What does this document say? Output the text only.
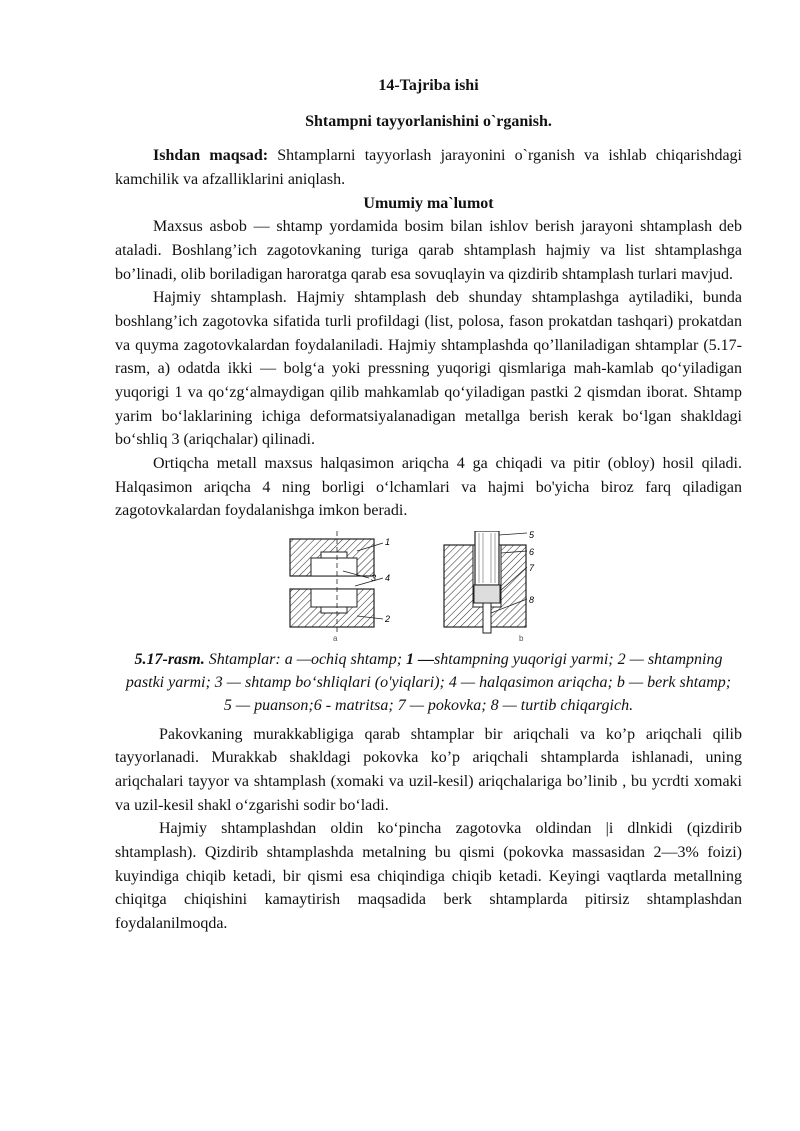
14-Tajriba ishi
Shtampni tayyorlanishini o`rganish.

Ishdan maqsad: Shtamplarni tayyorlash jarayonini o`rganish va ishlab chiqarishdagi kamchilik va afzalliklarini aniqlash.

Umumiy ma`lumot

Maxsus asbob — shtamp yordamida bosim bilan ishlov berish jarayoni shtamplash deb ataladi. Boshlang’ich zagotovkaning turiga qarab shtamplash hajmiy va list shtamplashga bo’linadi, olib boriladigan haroratga qarab esa sovuqlayin va qizdirib shtamplash turlari mavjud.

Hajmiy shtamplash. Hajmiy shtamplash deb shunday shtamplashga aytiladiki, bunda boshlang’ich zagotovka sifatida turli profildagi (list, polosa, fason prokatdan tashqari) prokatdan va quyma zagotovkalardan foydalaniladi. Hajmiy shtamplashda qo’llaniladigan shtamplar (5.17-rasm, a) odatda ikki — bolg‘a yoki pressning yuqorigi qismlariga mah-kamlab qo‘yiladigan yuqorigi 1 va qo‘zg‘almaydigan qilib mahkamlab qo‘yiladigan pastki 2 qismdan iborat. Shtamp yarim bo‘laklarining ichiga deformatsiyalanadigan metallga berish kerak bo‘lgan shakldagi bo‘shliq 3 (ariqchalar) qilinadi.

Ortiqcha metall maxsus halqasimon ariqcha 4 ga chiqadi va pitir (obloy) hosil qiladi. Halqasimon ariqcha 4 ning borligi o‘lchamlari va hajmi bo'yicha biroz farq qiladigan zagotovkalardan foydalanishga imkon beradi.

1
3 4
2
a
5
6
7
8
b
5.17-rasm. Shtamplar: a —ochiq shtamp; 1 —shtampning yuqorigi yarmi; 2 — shtampning pastki yarmi; 3 — shtamp bo‘shliqlari (o'yiqlari); 4 — halqasimon ariqcha; b — berk shtamp; 5 — puanson;6 - matritsa; 7 — pokovka; 8 — turtib chiqargich.

Pakovkaning murakkabligiga qarab shtamplar bir ariqchali va ko’p ariqchali qilib tayyorlanadi. Murakkab shakldagi pokovka ko’p ariqchali shtamplarda ishlanadi, uning ariqchalari tayyor va shtamplash (xomaki va uzil-kesil) ariqchalariga bo’linib , bu ycrdti xomaki va uzil-kesil shakl o‘zgarishi sodir bo‘ladi.

Hajmiy shtamplashdan oldin ko‘pincha zagotovka oldindan |i dlnkidi (qizdirib shtamplash). Qizdirib shtamplashda metalning bu qismi (pokovka massasidan 2—3% foizi) kuyindiga chiqib ketadi, bir qismi esa chiqindiga chiqib ketadi. Keyingi vaqtlarda metallning chiqitga chiqishini kamaytirish maqsadida berk shtamplarda pitirsiz shtamplashdan foydalanilmoqda.
